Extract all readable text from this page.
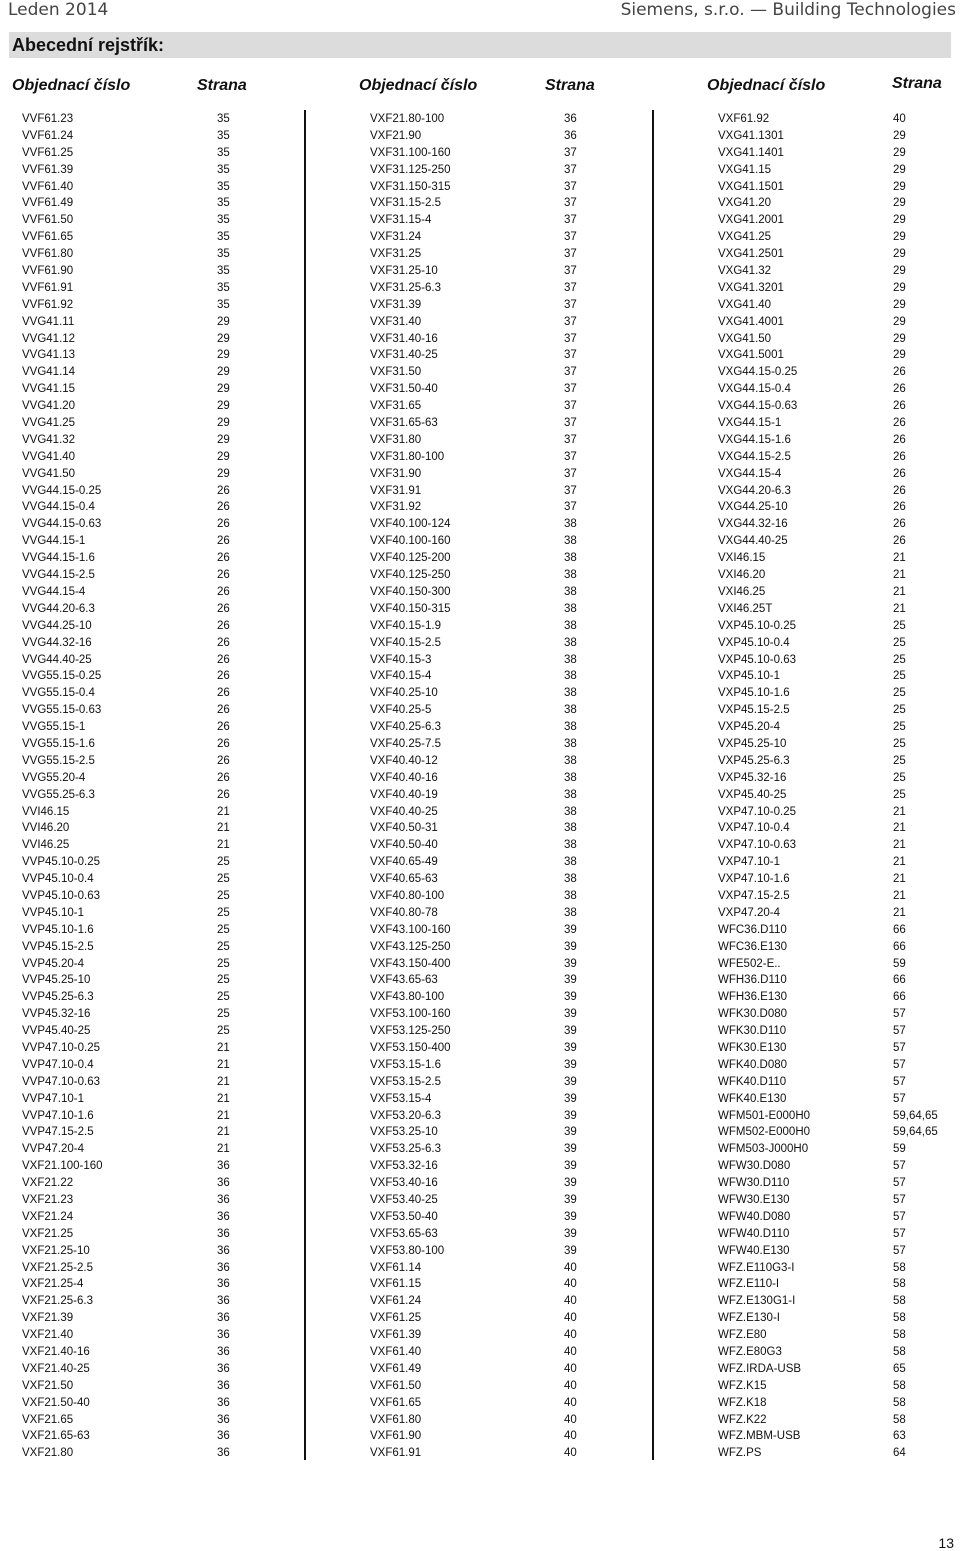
Leden 2014	Siemens, s.r.o. — Building Technologies
Abecední rejstřík:
Objednací číslo	Strana	Objednací číslo	Strana	Objednací číslo	Strana
VVF61.23	35
VVF61.24	35
VVF61.25	35
VVF61.39	35
VVF61.40	35
VVF61.49	35
VVF61.50	35
VVF61.65	35
VVF61.80	35
VVF61.90	35
VVF61.91	35
VVF61.92	35
VVG41.11	29
VVG41.12	29
VVG41.13	29
VVG41.14	29
VVG41.15	29
VVG41.20	29
VVG41.25	29
VVG41.32	29
VVG41.40	29
VVG41.50	29
VVG44.15-0.25	26
VVG44.15-0.4	26
VVG44.15-0.63	26
VVG44.15-1	26
VVG44.15-1.6	26
VVG44.15-2.5	26
VVG44.15-4	26
VVG44.20-6.3	26
VVG44.25-10	26
VVG44.32-16	26
VVG44.40-25	26
VVG55.15-0.25	26
VVG55.15-0.4	26
VVG55.15-0.63	26
VVG55.15-1	26
VVG55.15-1.6	26
VVG55.15-2.5	26
VVG55.20-4	26
VVG55.25-6.3	26
VVI46.15	21
VVI46.20	21
VVI46.25	21
VVP45.10-0.25	25
VVP45.10-0.4	25
VVP45.10-0.63	25
VVP45.10-1	25
VVP45.10-1.6	25
VVP45.15-2.5	25
VVP45.20-4	25
VVP45.25-10	25
VVP45.25-6.3	25
VVP45.32-16	25
VVP45.40-25	25
VVP47.10-0.25	21
VVP47.10-0.4	21
VVP47.10-0.63	21
VVP47.10-1	21
VVP47.10-1.6	21
VVP47.15-2.5	21
VVP47.20-4	21
VXF21.100-160	36
VXF21.22	36
VXF21.23	36
VXF21.24	36
VXF21.25	36
VXF21.25-10	36
VXF21.25-2.5	36
VXF21.25-4	36
VXF21.25-6.3	36
VXF21.39	36
VXF21.40	36
VXF21.40-16	36
VXF21.40-25	36
VXF21.50	36
VXF21.50-40	36
VXF21.65	36
VXF21.65-63	36
VXF21.80	36
VXF21.80-100	36
VXF21.90	36
VXF31.100-160	37
VXF31.125-250	37
VXF31.150-315	37
VXF31.15-2.5	37
VXF31.15-4	37
VXF31.24	37
VXF31.25	37
VXF31.25-10	37
VXF31.25-6.3	37
VXF31.39	37
VXF31.40	37
VXF31.40-16	37
VXF31.40-25	37
VXF31.50	37
VXF31.50-40	37
VXF31.65	37
VXF31.65-63	37
VXF31.80	37
VXF31.80-100	37
VXF31.90	37
VXF31.91	37
VXF31.92	37
VXF40.100-124	38
VXF40.100-160	38
VXF40.125-200	38
VXF40.125-250	38
VXF40.150-300	38
VXF40.150-315	38
VXF40.15-1.9	38
VXF40.15-2.5	38
VXF40.15-3	38
VXF40.15-4	38
VXF40.25-10	38
VXF40.25-5	38
VXF40.25-6.3	38
VXF40.25-7.5	38
VXF40.40-12	38
VXF40.40-16	38
VXF40.40-19	38
VXF40.40-25	38
VXF40.50-31	38
VXF40.50-40	38
VXF40.65-49	38
VXF40.65-63	38
VXF40.80-100	38
VXF40.80-78	38
VXF43.100-160	39
VXF43.125-250	39
VXF43.150-400	39
VXF43.65-63	39
VXF43.80-100	39
VXF53.100-160	39
VXF53.125-250	39
VXF53.150-400	39
VXF53.15-1.6	39
VXF53.15-2.5	39
VXF53.15-4	39
VXF53.20-6.3	39
VXF53.25-10	39
VXF53.25-6.3	39
VXF53.32-16	39
VXF53.40-16	39
VXF53.40-25	39
VXF53.50-40	39
VXF53.65-63	39
VXF53.80-100	39
VXF61.14	40
VXF61.15	40
VXF61.24	40
VXF61.25	40
VXF61.39	40
VXF61.40	40
VXF61.49	40
VXF61.50	40
VXF61.65	40
VXF61.80	40
VXF61.90	40
VXF61.91	40
VXF61.92	40
VXG41.1301	29
VXG41.1401	29
VXG41.15	29
VXG41.1501	29
VXG41.20	29
VXG41.2001	29
VXG41.25	29
VXG41.2501	29
VXG41.32	29
VXG41.3201	29
VXG41.40	29
VXG41.4001	29
VXG41.50	29
VXG41.5001	29
VXG44.15-0.25	26
VXG44.15-0.4	26
VXG44.15-0.63	26
VXG44.15-1	26
VXG44.15-1.6	26
VXG44.15-2.5	26
VXG44.15-4	26
VXG44.20-6.3	26
VXG44.25-10	26
VXG44.32-16	26
VXG44.40-25	26
VXI46.15	21
VXI46.20	21
VXI46.25	21
VXI46.25T	21
VXP45.10-0.25	25
VXP45.10-0.4	25
VXP45.10-0.63	25
VXP45.10-1	25
VXP45.10-1.6	25
VXP45.15-2.5	25
VXP45.20-4	25
VXP45.25-10	25
VXP45.25-6.3	25
VXP45.32-16	25
VXP45.40-25	25
VXP47.10-0.25	21
VXP47.10-0.4	21
VXP47.10-0.63	21
VXP47.10-1	21
VXP47.10-1.6	21
VXP47.15-2.5	21
VXP47.20-4	21
WFC36.D110	66
WFC36.E130	66
WFE502-E..	59
WFH36.D110	66
WFH36.E130	66
WFK30.D080	57
WFK30.D110	57
WFK30.E130	57
WFK40.D080	57
WFK40.D110	57
WFK40.E130	57
WFM501-E000H0	59,64,65
WFM502-E000H0	59,64,65
WFM503-J000H0	59
WFW30.D080	57
WFW30.D110	57
WFW30.E130	57
WFW40.D080	57
WFW40.D110	57
WFW40.E130	57
WFZ.E110G3-I	58
WFZ.E110-I	58
WFZ.E130G1-I	58
WFZ.E130-I	58
WFZ.E80	58
WFZ.E80G3	58
WFZ.IRDA-USB	65
WFZ.K15	58
WFZ.K18	58
WFZ.K22	58
WFZ.MBM-USB	63
WFZ.PS	64
13
